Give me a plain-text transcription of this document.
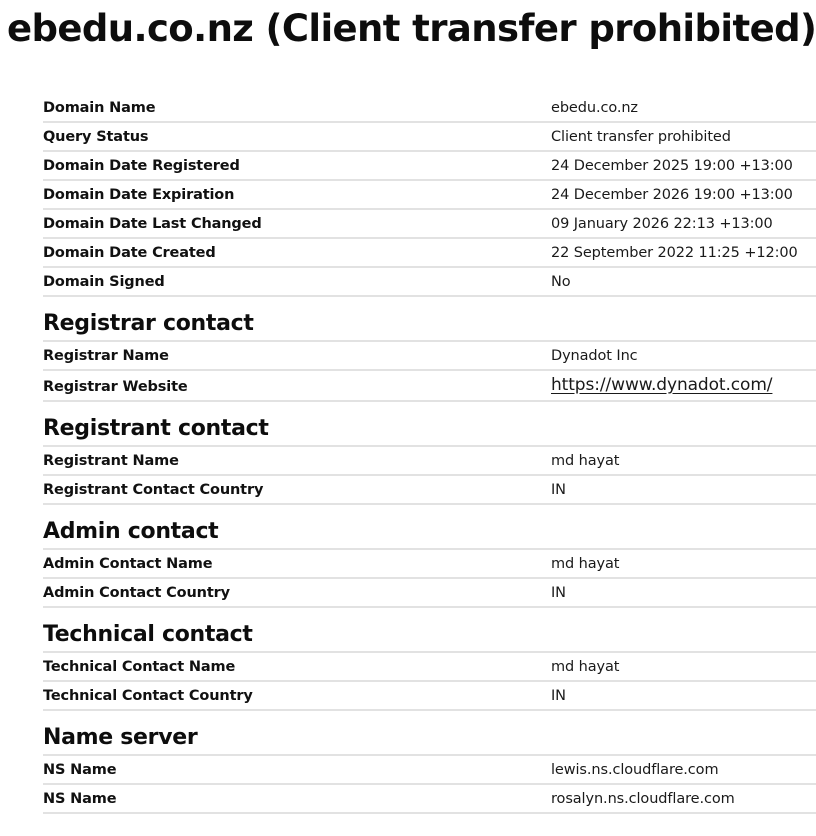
ebedu.co.nz (Client transfer prohibited)
Domain Name	ebedu.co.nz
Query Status	Client transfer prohibited
Domain Date Registered	24 December 2025 19:00 +13:00
Domain Date Expiration	24 December 2026 19:00 +13:00
Domain Date Last Changed	09 January 2026 22:13 +13:00
Domain Date Created	22 September 2022 11:25 +12:00
Domain Signed	No
Registrar contact
Registrar Name	Dynadot Inc
Registrar Website	https://www.dynadot.com/
Registrant contact
Registrant Name	md hayat
Registrant Contact Country	IN
Admin contact
Admin Contact Name	md hayat
Admin Contact Country	IN
Technical contact
Technical Contact Name	md hayat
Technical Contact Country	IN
Name server
NS Name	lewis.ns.cloudflare.com
NS Name	rosalyn.ns.cloudflare.com
